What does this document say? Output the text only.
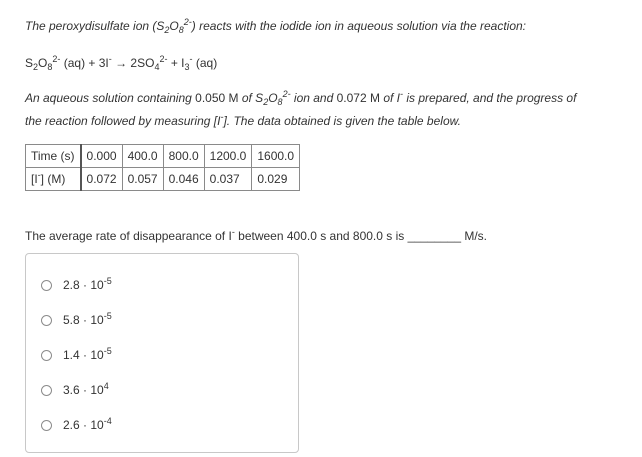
The peroxydisulfate ion $(S_2O_8^{2-})$ reacts with the iodide ion in aqueous solution via the reaction:
$S_2O_8^{2-}$ $(aq) + 3I^- \to 2SO_4^{2-} + I_3^-$ (aq)
An aqueous solution containing 0.050 M of $S_2O_8^{2-}$ ion and 0.072 M of I- is prepared, and the progress of
the reaction followed by measuring [I-]. The data obtained is given the table below.
Time (s)	0.000	400.0	800.0	1200.0	1600.0
[I-] (M)	0.072	0.057	0.046	0.037	0.029
The average rate of disappearance of I- between 400.0 s and 800.0 s is ________ M/s.
$2.8 \cdot 10^{-5}$
$5.8 \cdot 10^{-5}$
$1.4 \cdot 10^{-5}$
$3.6 \cdot 10^4$
$2.6 \cdot 10^{-4}$
